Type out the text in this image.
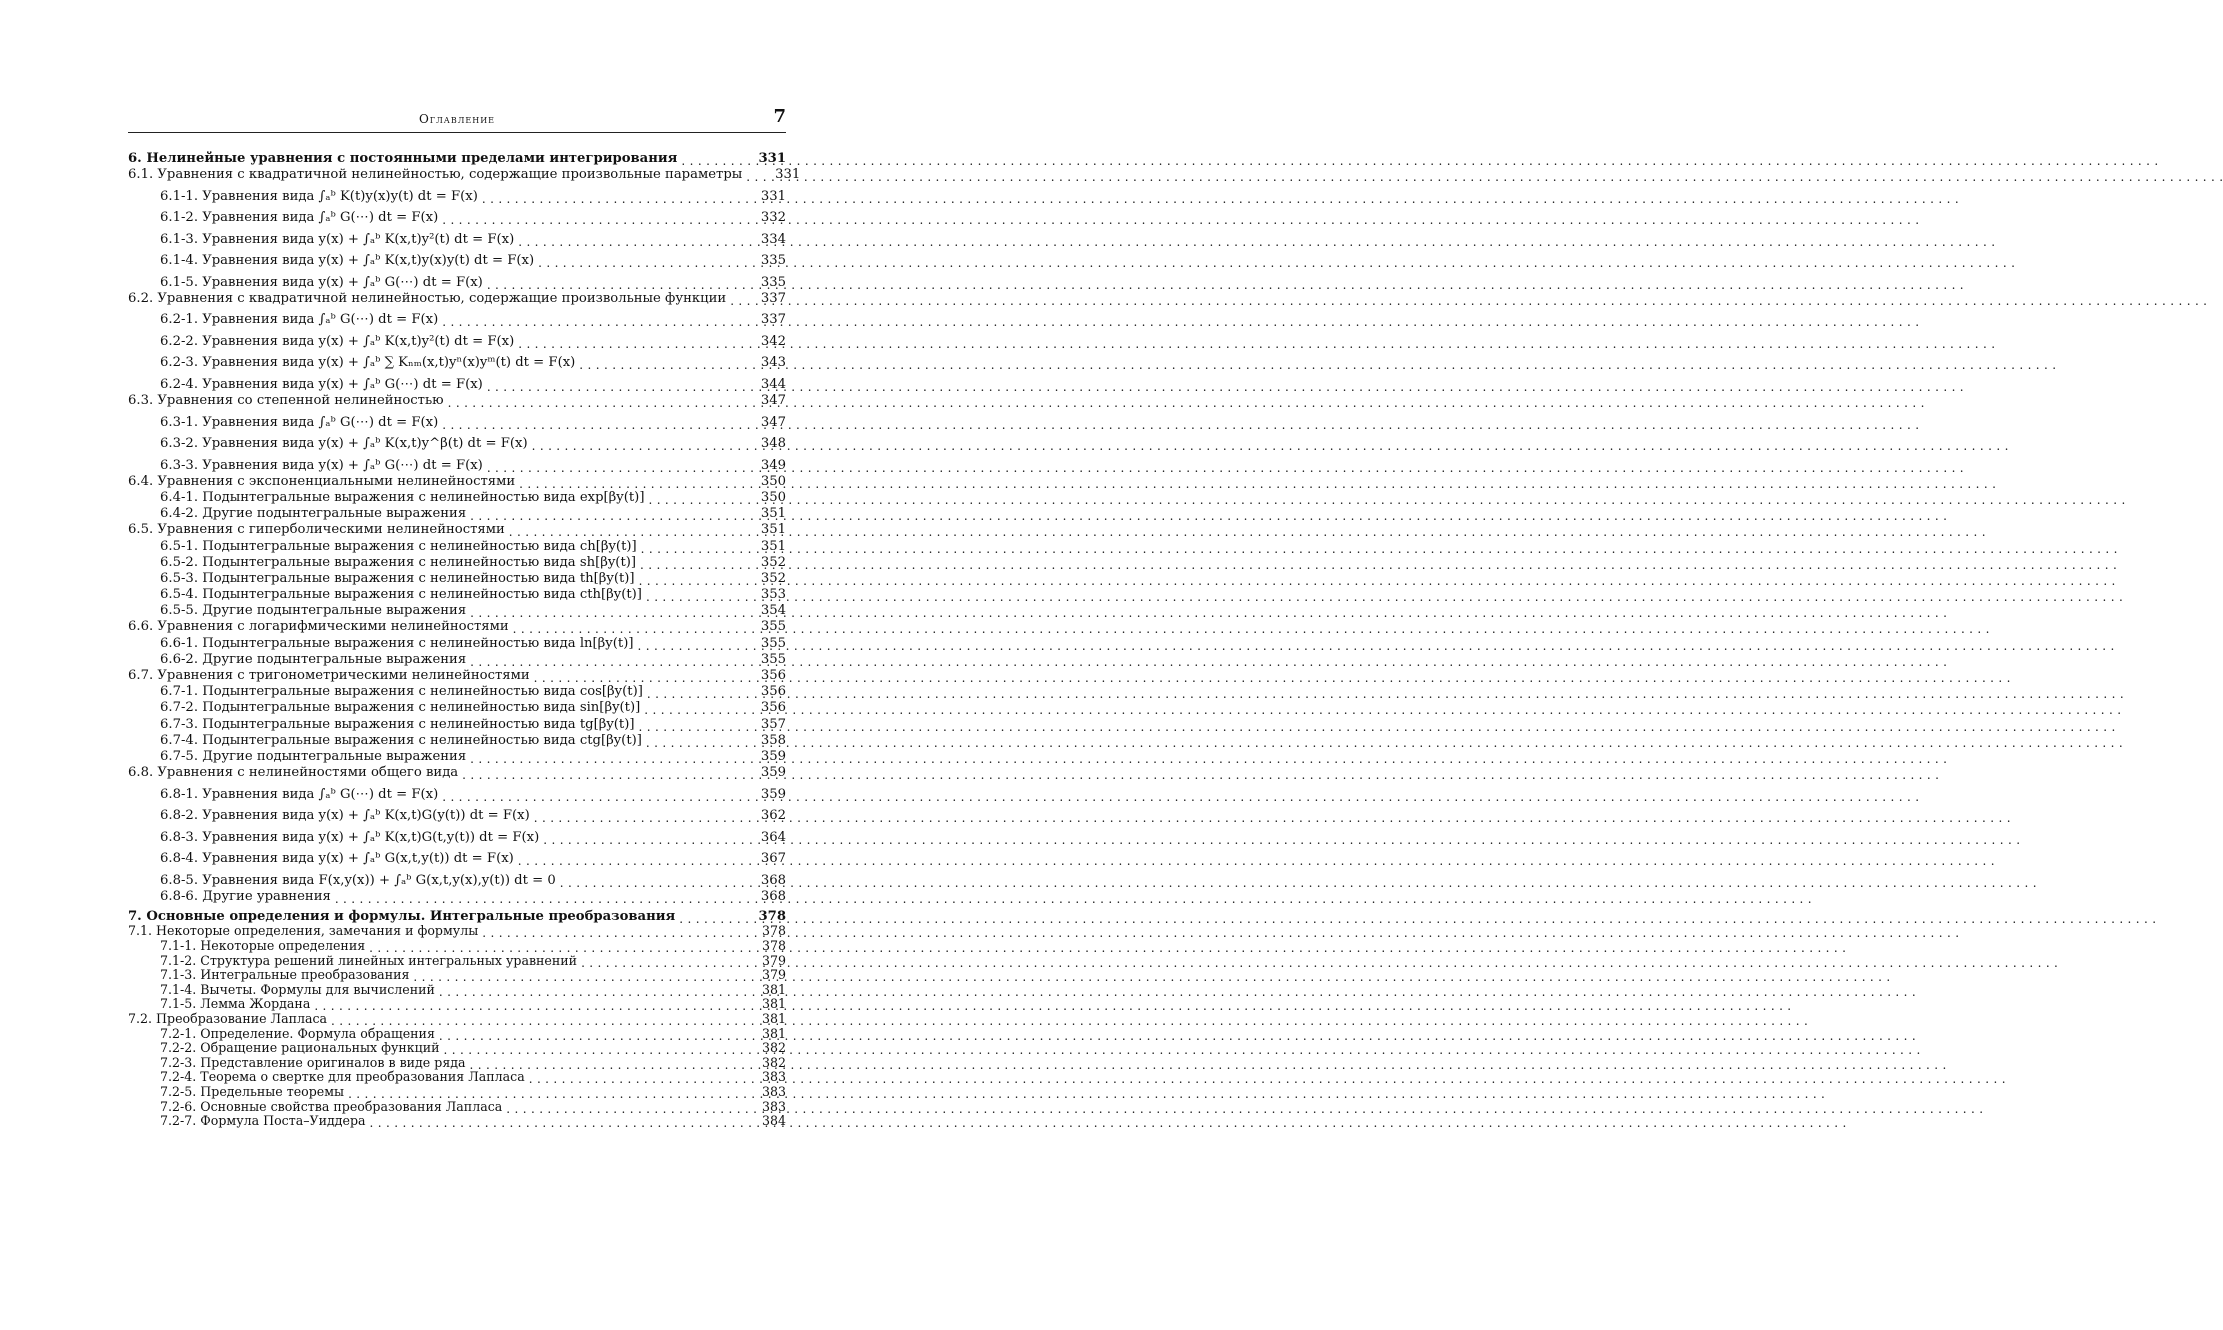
Оглавление	7
6. Нелинейные уравнения с постоянными пределами интегрирования . . .	331
6.1. Уравнения с квадратичной нелинейностью, содержащие произвольные параметры . . .	331
6.1-1. Уравнения вида ∫ₐᵇ K(t)y(x)y(t) dt = F(x) . . .	331
6.1-2. Уравнения вида ∫ₐᵇ G(⋯) dt = F(x) . . .	332
6.1-3. Уравнения вида y(x) + ∫ₐᵇ K(x,t)y²(t) dt = F(x) . . .	334
6.1-4. Уравнения вида y(x) + ∫ₐᵇ K(x,t)y(x)y(t) dt = F(x) . . .	335
6.1-5. Уравнения вида y(x) + ∫ₐᵇ G(⋯) dt = F(x) . . .	335
6.2. Уравнения с квадратичной нелинейностью, содержащие произвольные функции . . .	337
6.2-1. Уравнения вида ∫ₐᵇ G(⋯) dt = F(x) . . .	337
6.2-2. Уравнения вида y(x) + ∫ₐᵇ K(x,t)y²(t) dt = F(x) . . .	342
6.2-3. Уравнения вида y(x) + ∫ₐᵇ ∑ Kₙₘ(x,t)yⁿ(x)yᵐ(t) dt = F(x) . . .	343
6.2-4. Уравнения вида y(x) + ∫ₐᵇ G(⋯) dt = F(x) . . .	344
6.3. Уравнения со степенной нелинейностью . . .	347
6.3-1. Уравнения вида ∫ₐᵇ G(⋯) dt = F(x) . . .	347
6.3-2. Уравнения вида y(x) + ∫ₐᵇ K(x,t)y^β(t) dt = F(x) . . .	348
6.3-3. Уравнения вида y(x) + ∫ₐᵇ G(⋯) dt = F(x) . . .	349
6.4. Уравнения с экспоненциальными нелинейностями . . .	350
6.4-1. Подынтегральные выражения с нелинейностью вида exp[βy(t)] . . .	350
6.4-2. Другие подынтегральные выражения . . .	351
6.5. Уравнения с гиперболическими нелинейностями . . .	351
6.5-1. Подынтегральные выражения с нелинейностью вида ch[βy(t)] . . .	351
6.5-2. Подынтегральные выражения с нелинейностью вида sh[βy(t)] . . .	352
6.5-3. Подынтегральные выражения с нелинейностью вида th[βy(t)] . . .	352
6.5-4. Подынтегральные выражения с нелинейностью вида cth[βy(t)] . . .	353
6.5-5. Другие подынтегральные выражения . . .	354
6.6. Уравнения с логарифмическими нелинейностями . . .	355
6.6-1. Подынтегральные выражения с нелинейностью вида ln[βy(t)] . . .	355
6.6-2. Другие подынтегральные выражения . . .	355
6.7. Уравнения с тригонометрическими нелинейностями . . .	356
6.7-1. Подынтегральные выражения с нелинейностью вида cos[βy(t)] . . .	356
6.7-2. Подынтегральные выражения с нелинейностью вида sin[βy(t)] . . .	356
6.7-3. Подынтегральные выражения с нелинейностью вида tg[βy(t)] . . .	357
6.7-4. Подынтегральные выражения с нелинейностью вида ctg[βy(t)] . . .	358
6.7-5. Другие подынтегральные выражения . . .	359
6.8. Уравнения с нелинейностями общего вида . . .	359
6.8-1. Уравнения вида ∫ₐᵇ G(⋯) dt = F(x) . . .	359
6.8-2. Уравнения вида y(x) + ∫ₐᵇ K(x,t)G(y(t)) dt = F(x) . . .	362
6.8-3. Уравнения вида y(x) + ∫ₐᵇ K(x,t)G(t,y(t)) dt = F(x) . . .	364
6.8-4. Уравнения вида y(x) + ∫ₐᵇ G(x,t,y(t)) dt = F(x) . . .	367
6.8-5. Уравнения вида F(x,y(x)) + ∫ₐᵇ G(x,t,y(x),y(t)) dt = 0 . . .	368
6.8-6. Другие уравнения . . .	368
7. Основные определения и формулы. Интегральные преобразования . . .	378
7.1. Некоторые определения, замечания и формулы . . .	378
7.1-1. Некоторые определения . . .	378
7.1-2. Структура решений линейных интегральных уравнений . . .	379
7.1-3. Интегральные преобразования . . .	379
7.1-4. Вычеты. Формулы для вычислений . . .	381
7.1-5. Лемма Жордана . . .	381
7.2. Преобразование Лапласа . . .	381
7.2-1. Определение. Формула обращения . . .	381
7.2-2. Обращение рациональных функций . . .	382
7.2-3. Представление оригиналов в виде ряда . . .	382
7.2-4. Теорема о свертке для преобразования Лапласа . . .	383
7.2-5. Предельные теоремы . . .	383
7.2-6. Основные свойства преобразования Лапласа . . .	383
7.2-7. Формула Поста–Уиддера . . .	384
